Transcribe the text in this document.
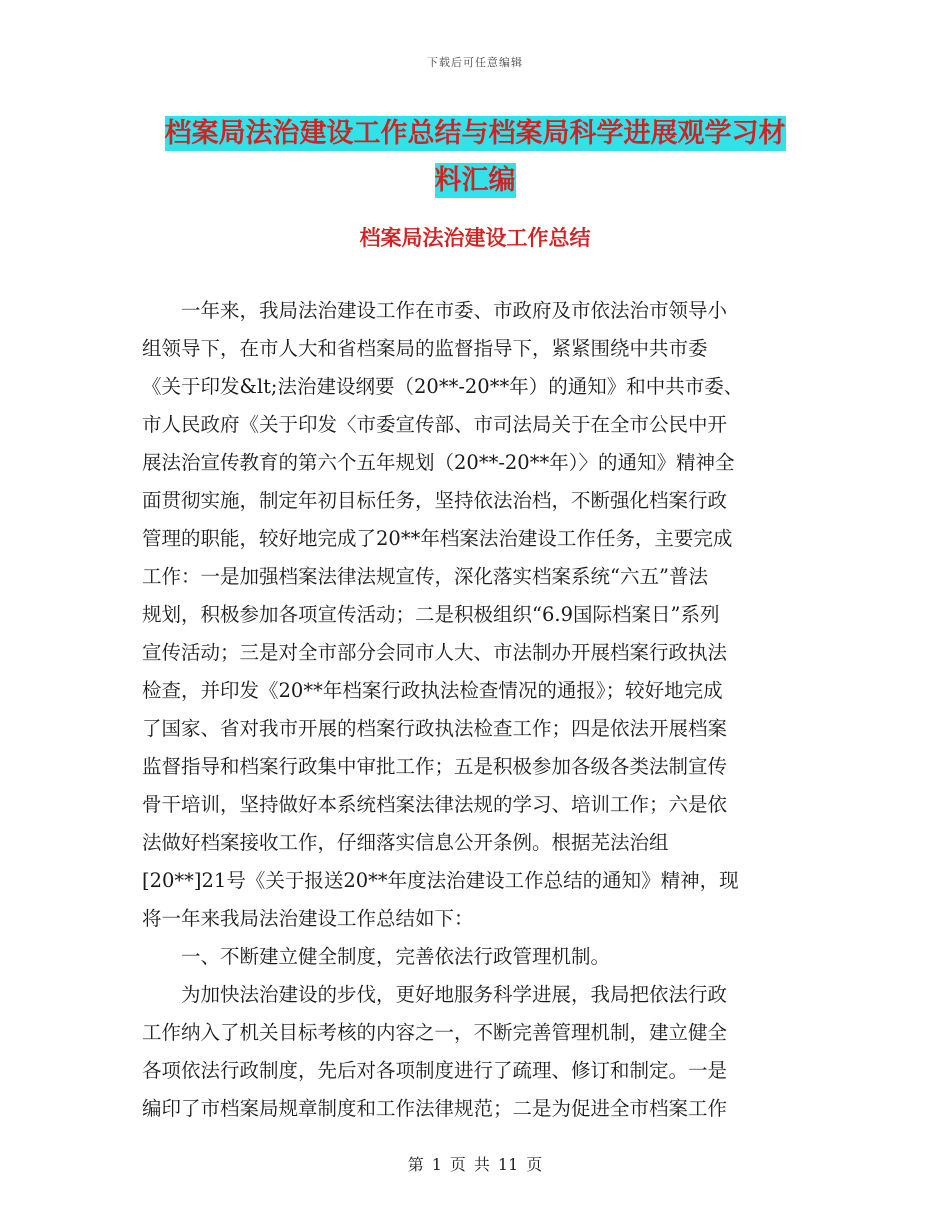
下载后可任意编辑
档案局法治建设工作总结与档案局科学进展观学习材
料汇编
档案局法治建设工作总结

一年来，我局法治建设工作在市委、市政府及市依法治市领导小

组领导下，在市人大和省档案局的监督指导下，紧紧围绕中共市委

《关于印发&lt;法治建设纲要（20**-20**年）的通知》和中共市委、

市人民政府《关于印发〈市委宣传部、市司法局关于在全市公民中开

展法治宣传教育的第六个五年规划（20**-20**年）〉的通知》精神全

面贯彻实施，制定年初目标任务，坚持依法治档，不断强化档案行政

管理的职能，较好地完成了20**年档案法治建设工作任务，主要完成

工作：一是加强档案法律法规宣传，深化落实档案系统“六五”普法

规划，积极参加各项宣传活动；二是积极组织“6.9国际档案日”系列

宣传活动；三是对全市部分会同市人大、市法制办开展档案行政执法

检查，并印发《20**年档案行政执法检查情况的通报》；较好地完成

了国家、省对我市开展的档案行政执法检查工作；四是依法开展档案

监督指导和档案行政集中审批工作；五是积极参加各级各类法制宣传

骨干培训，坚持做好本系统档案法律法规的学习、培训工作；六是依

法做好档案接收工作，仔细落实信息公开条例。根据芜法治组

[20**]21号《关于报送20**年度法治建设工作总结的通知》精神，现

将一年来我局法治建设工作总结如下：

一、不断建立健全制度，完善依法行政管理机制。

为加快法治建设的步伐，更好地服务科学进展，我局把依法行政

工作纳入了机关目标考核的内容之一，不断完善管理机制，建立健全

各项依法行政制度，先后对各项制度进行了疏理、修订和制定。一是

编印了市档案局规章制度和工作法律规范；二是为促进全市档案工作

第 1 页 共 11 页
